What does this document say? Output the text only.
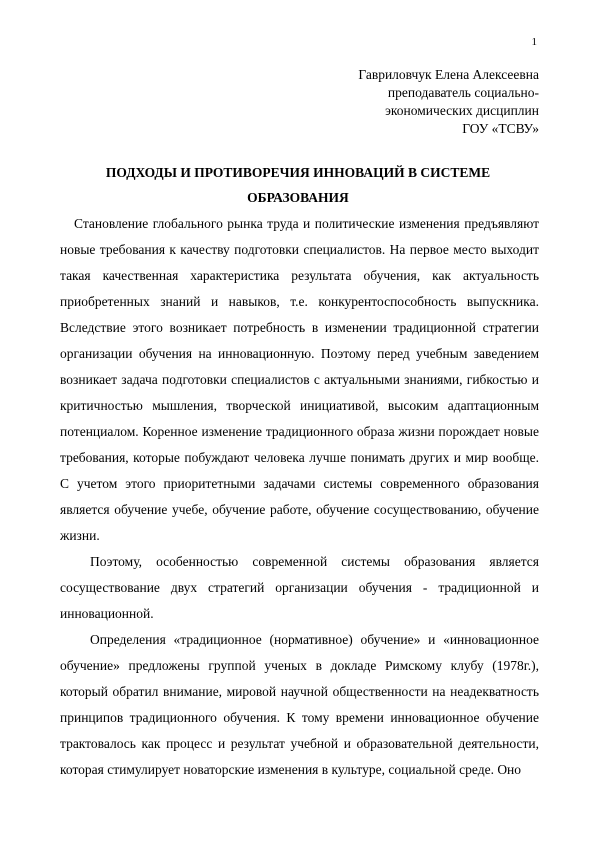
1
Гавриловчук Елена Алексеевна
преподаватель социально-
экономических дисциплин
ГОУ «ТСВУ»
ПОДХОДЫ И ПРОТИВОРЕЧИЯ ИННОВАЦИЙ В СИСТЕМЕ
ОБРАЗОВАНИЯ

Становление глобального рынка труда и политические изменения предъявляют новые требования к качеству подготовки специалистов. На первое место выходит такая качественная характеристика результата обучения, как актуальность приобретенных знаний и навыков, т.е. конкурентоспособность выпускника. Вследствие этого возникает потребность в изменении традиционной стратегии организации обучения на инновационную. Поэтому перед учебным заведением возникает задача подготовки специалистов с актуальными знаниями, гибкостью и критичностью мышления, творческой инициативой, высоким адаптационным потенциалом. Коренное изменение традиционного образа жизни порождает новые требования, которые побуждают человека лучше понимать других и мир вообще. С учетом этого приоритетными задачами системы современного образования является обучение учебе, обучение работе, обучение сосуществованию, обучение жизни.

Поэтому, особенностью современной системы образования является сосуществование двух стратегий организации обучения - традиционной и инновационной.

Определения «традиционное (нормативное) обучение» и «инновационное обучение» предложены группой ученых в докладе Римскому клубу (1978г.), который обратил внимание, мировой научной общественности на неадекватность принципов традиционного обучения. К тому времени инновационное обучение трактовалось как процесс и результат учебной и образовательной деятельности, которая стимулирует новаторские изменения в культуре, социальной среде. Оно
